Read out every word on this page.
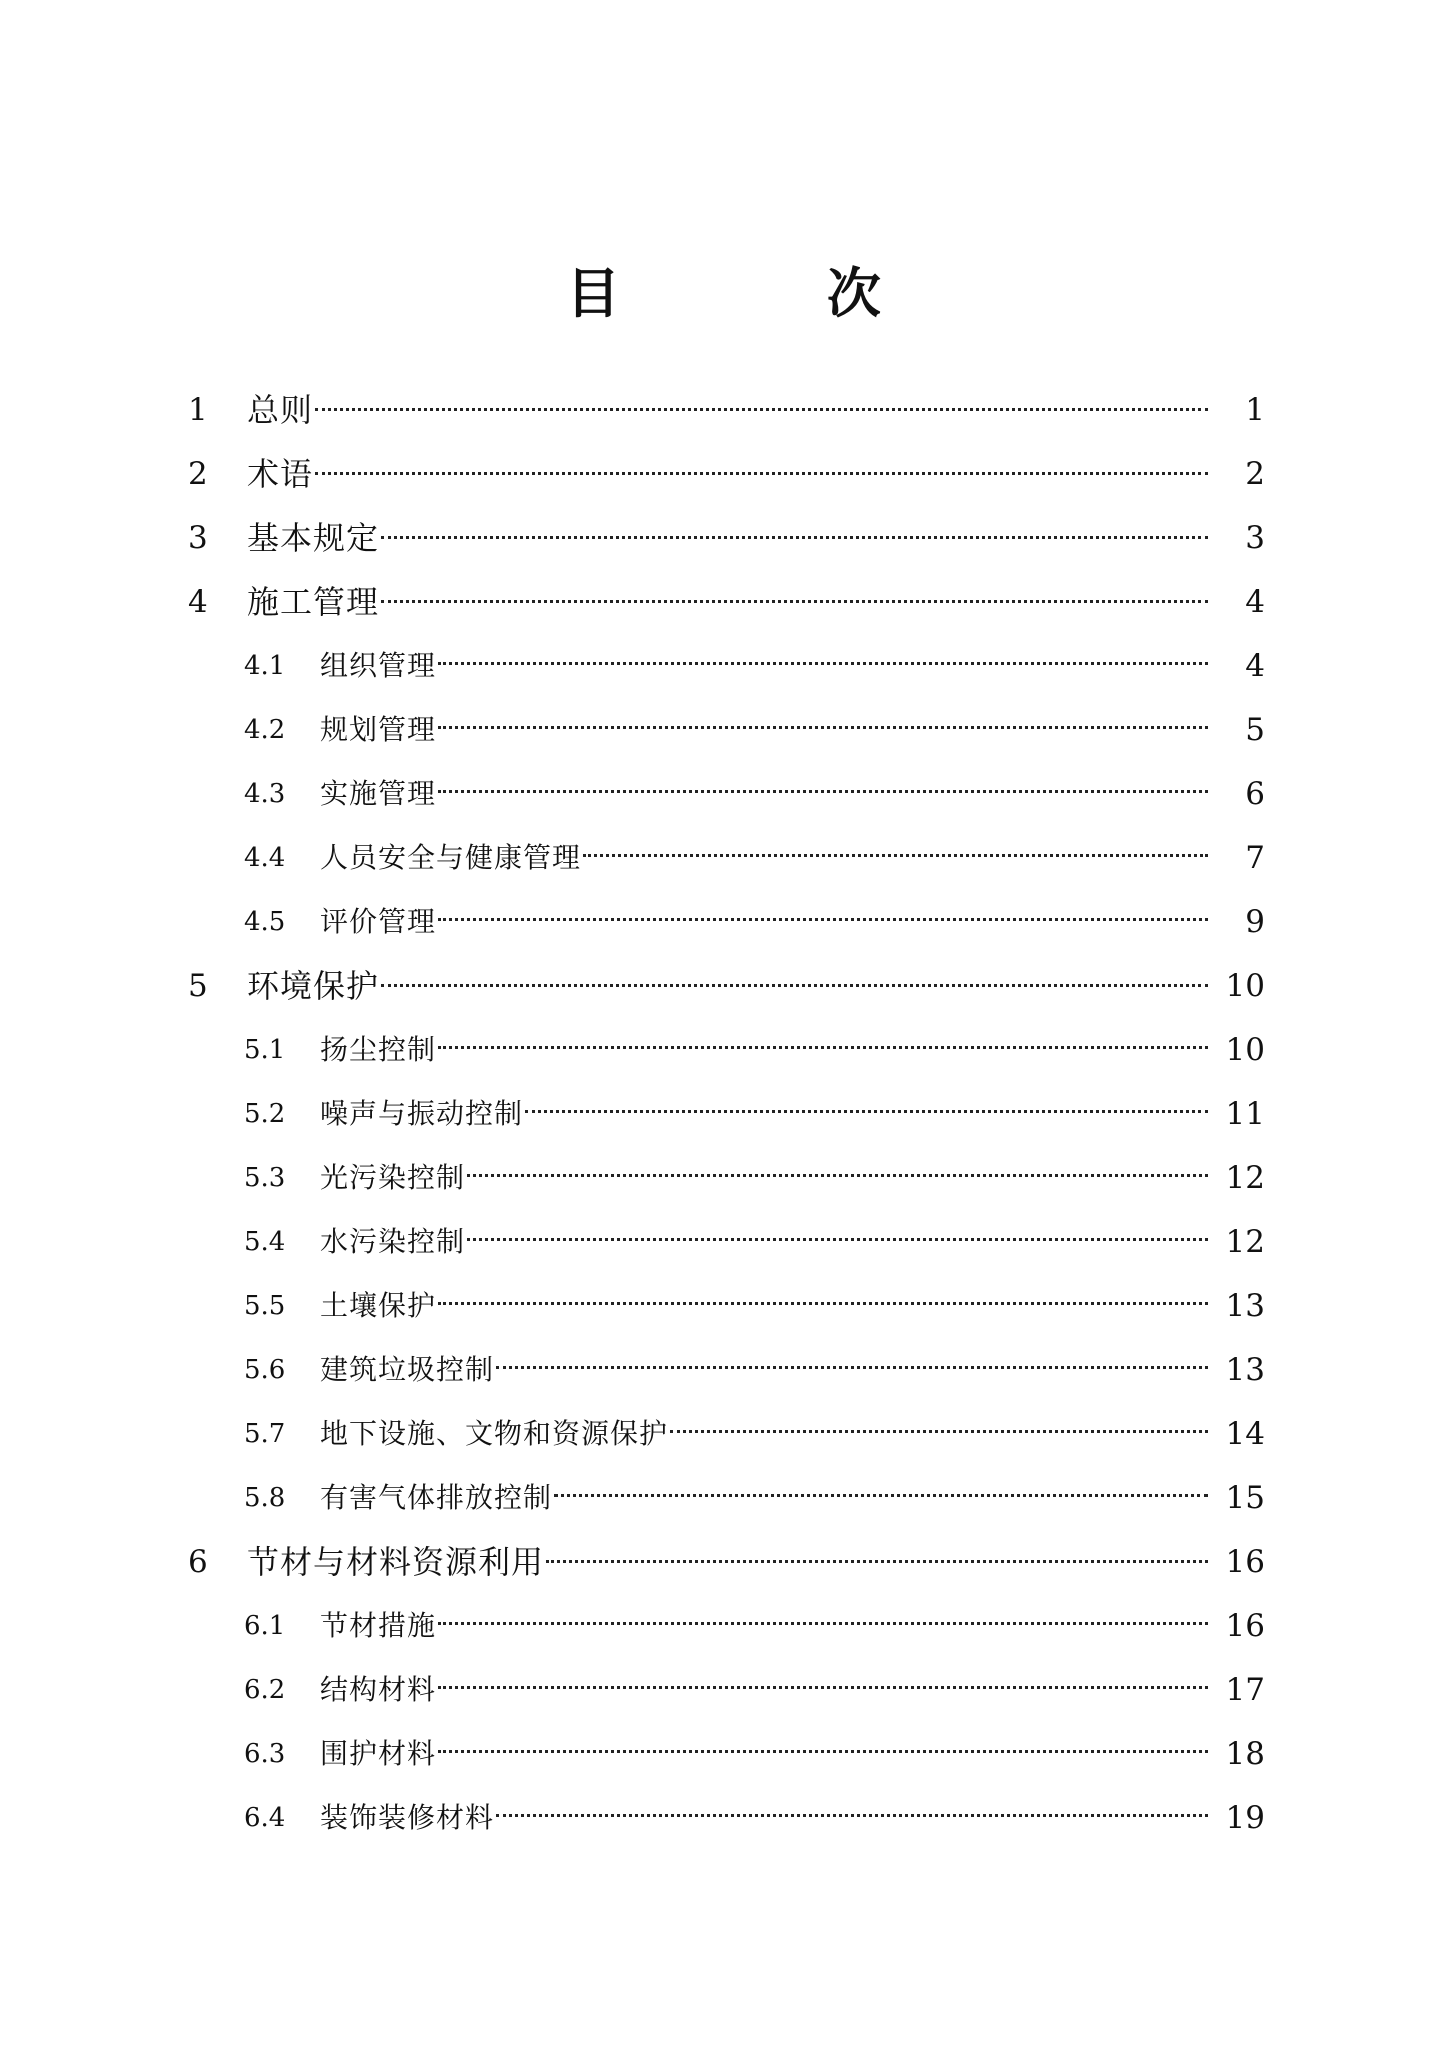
目 次
1 总则	1
2 术语	2
3 基本规定	3
4 施工管理	4
4.1 组织管理	4
4.2 规划管理	5
4.3 实施管理	6
4.4 人员安全与健康管理	7
4.5 评价管理	9
5 环境保护	10
5.1 扬尘控制	10
5.2 噪声与振动控制	11
5.3 光污染控制	12
5.4 水污染控制	12
5.5 土壤保护	13
5.6 建筑垃圾控制	13
5.7 地下设施、文物和资源保护	14
5.8 有害气体排放控制	15
6 节材与材料资源利用	16
6.1 节材措施	16
6.2 结构材料	17
6.3 围护材料	18
6.4 装饰装修材料	19
